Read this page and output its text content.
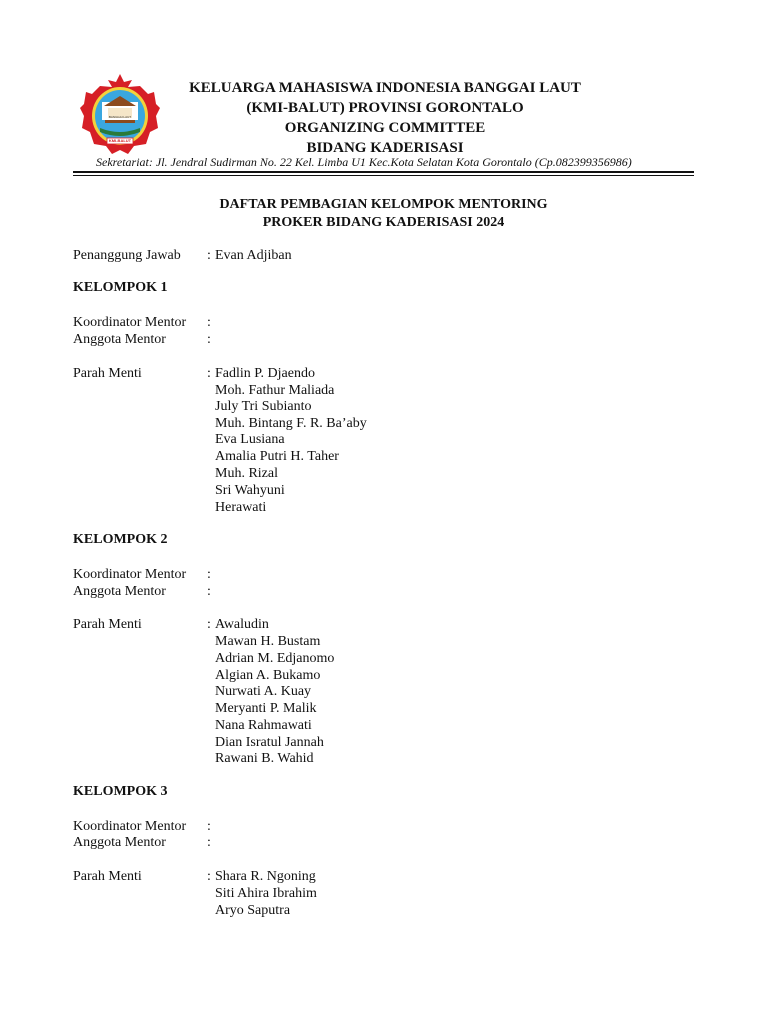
BANGGAI LAUT
KMI-BALUT
KELUARGA MAHASISWA INDONESIA BANGGAI LAUT
(KMI-BALUT) PROVINSI GORONTALO
ORGANIZING COMMITTEE
BIDANG KADERISASI
Sekretariat: Jl. Jendral Sudirman No. 22 Kel. Limba U1 Kec.Kota Selatan Kota Gorontalo (Cp.082399356986)
DAFTAR PEMBAGIAN KELOMPOK MENTORING
PROKER BIDANG KADERISASI 2024
Penanggung Jawab : Evan Adjiban
KELOMPOK 1
Koordinator Mentor :
Anggota Mentor	:
Parah Menti	: Fadlin P. Djaendo
Moh. Fathur Maliada
July Tri Subianto
Muh. Bintang F. R. Ba’aby
Eva Lusiana
Amalia Putri H. Taher
Muh. Rizal
Sri Wahyuni
Herawati
KELOMPOK 2
Koordinator Mentor :
Anggota Mentor	:
Parah Menti	: Awaludin
Mawan H. Bustam
Adrian M. Edjanomo
Algian A. Bukamo
Nurwati A. Kuay
Meryanti P. Malik
Nana Rahmawati
Dian Isratul Jannah
Rawani B. Wahid
KELOMPOK 3
Koordinator Mentor :
Anggota Mentor	:
Parah Menti	: Shara R. Ngoning
Siti Ahira Ibrahim
Aryo Saputra
